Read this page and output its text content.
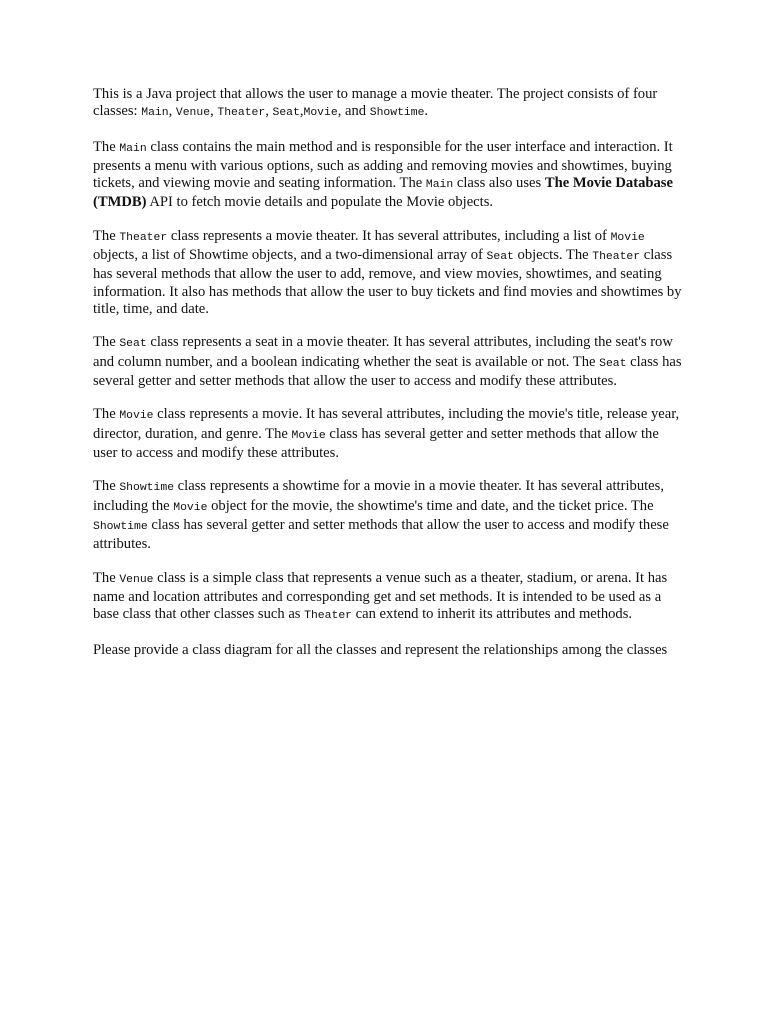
This is a Java project that allows the user to manage a movie theater. The project consists of four classes: Main, Venue, Theater, Seat,Movie, and Showtime.

The Main class contains the main method and is responsible for the user interface and interaction. It presents a menu with various options, such as adding and removing movies and showtimes, buying tickets, and viewing movie and seating information. The Main class also uses The Movie Database (TMDB) API to fetch movie details and populate the Movie objects.

The Theater class represents a movie theater. It has several attributes, including a list of Movie objects, a list of Showtime objects, and a two-dimensional array of Seat objects. The Theater class has several methods that allow the user to add, remove, and view movies, showtimes, and seating information. It also has methods that allow the user to buy tickets and find movies and showtimes by title, time, and date.

The Seat class represents a seat in a movie theater. It has several attributes, including the seat's row and column number, and a boolean indicating whether the seat is available or not. The Seat class has several getter and setter methods that allow the user to access and modify these attributes.

The Movie class represents a movie. It has several attributes, including the movie's title, release year, director, duration, and genre. The Movie class has several getter and setter methods that allow the user to access and modify these attributes.

The Showtime class represents a showtime for a movie in a movie theater. It has several attributes, including the Movie object for the movie, the showtime's time and date, and the ticket price. The Showtime class has several getter and setter methods that allow the user to access and modify these attributes.

The Venue class is a simple class that represents a venue such as a theater, stadium, or arena. It has name and location attributes and corresponding get and set methods. It is intended to be used as a base class that other classes such as Theater can extend to inherit its attributes and methods.

Please provide a class diagram for all the classes and represent the relationships among the classes
